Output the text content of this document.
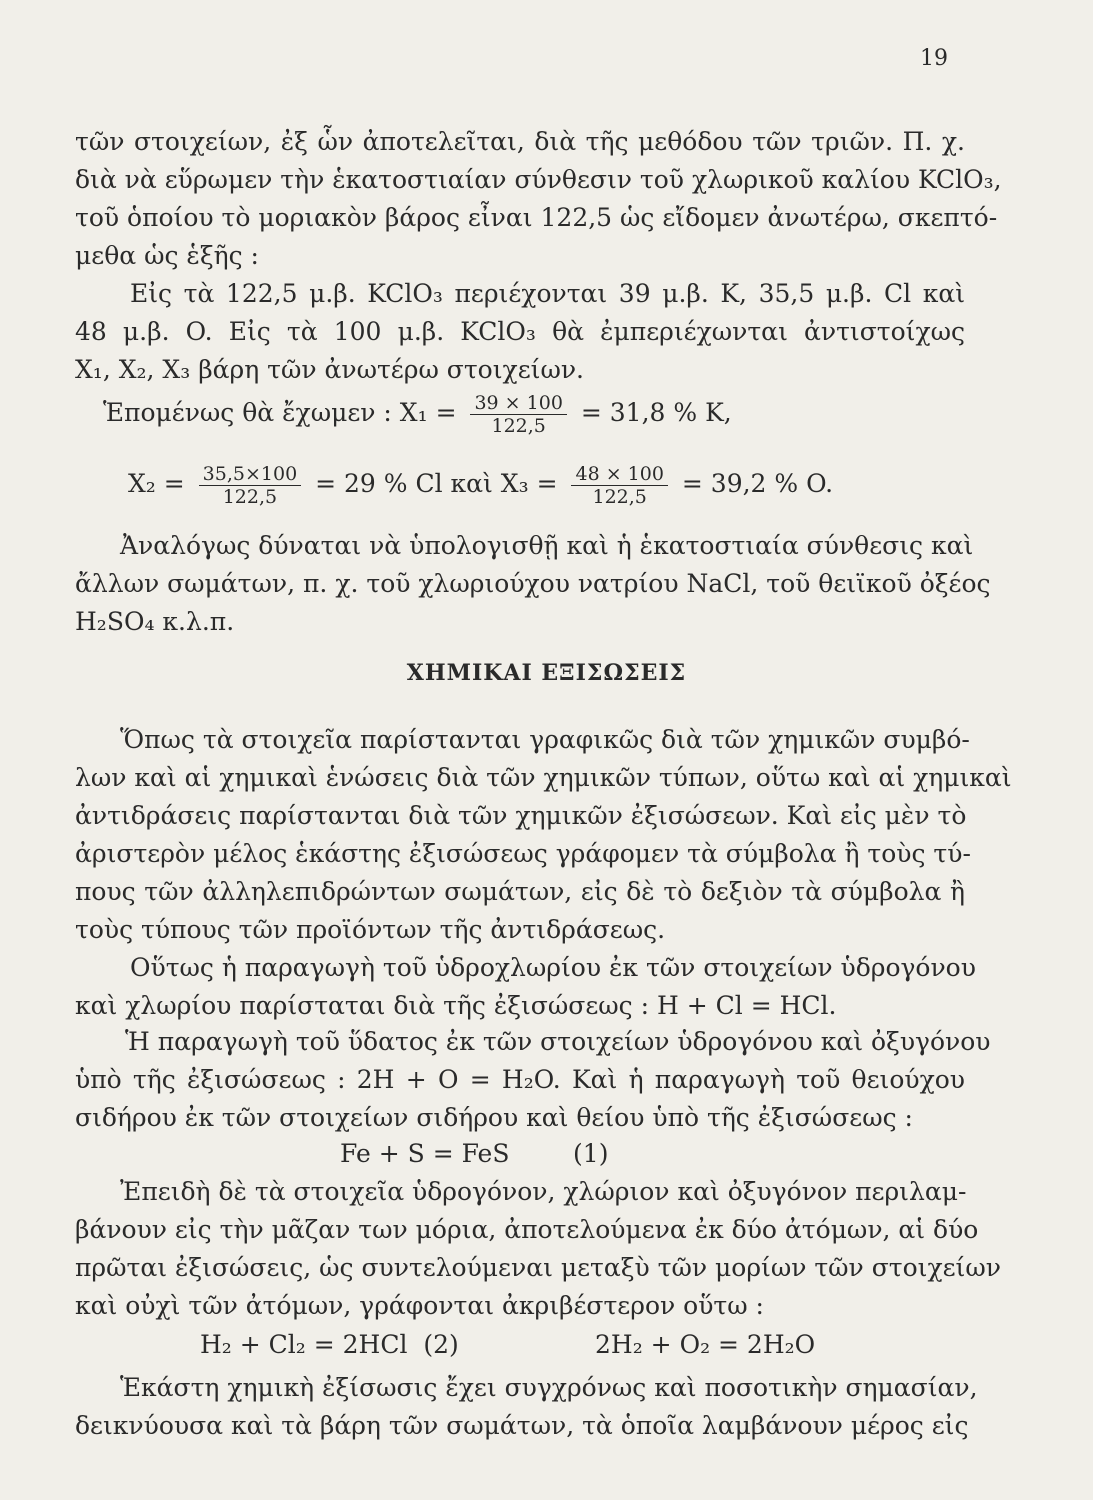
19
τῶν στοιχείων, ἐξ ὧν ἀποτελεῖται, διὰ τῆς μεθόδου τῶν τριῶν. Π. χ.
διὰ νὰ εὕρωμεν τὴν ἑκατοστιαίαν σύνθεσιν τοῦ χλωρικοῦ καλίου KClO₃,
τοῦ ὁποίου τὸ μοριακὸν βάρος εἶναι 122,5 ὡς εἴδομεν ἀνωτέρω, σκεπτό-
μεθα ὡς ἑξῆς :
Εἰς τὰ 122,5 μ.β. KClO₃ περιέχονται 39 μ.β. K, 35,5 μ.β. Cl καὶ
48 μ.β. O. Εἰς τὰ 100 μ.β. KClO₃ θὰ ἐμπεριέχωνται ἀντιστοίχως
X₁, X₂, X₃ βάρη τῶν ἀνωτέρω στοιχείων.
Ἑπομένως θὰ ἔχωμεν : $X_1 = \frac{39 \times 100}{122,5} = 31,8$ % K,
$X_2 = \frac{35,5\times 100}{122,5} = 29$ % Cl καὶ $X_3 = \frac{48 \times 100}{122,5} = 39,2$ % O.
Ἀναλόγως δύναται νὰ ὑπολογισθῇ καὶ ἡ ἑκατοστιαία σύνθεσις καὶ
ἄλλων σωμάτων, π. χ. τοῦ χλωριούχου νατρίου NaCl, τοῦ θειϊκοῦ ὀξέος
H₂SO₄ κ.λ.π.
ΧΗΜΙΚΑΙ ΕΞΙΣΩΣΕΙΣ
Ὅπως τὰ στοιχεῖα παρίστανται γραφικῶς διὰ τῶν χημικῶν συμβό-
λων καὶ αἱ χημικαὶ ἑνώσεις διὰ τῶν χημικῶν τύπων, οὕτω καὶ αἱ χημικαὶ
ἀντιδράσεις παρίστανται διὰ τῶν χημικῶν ἐξισώσεων. Καὶ εἰς μὲν τὸ
ἀριστερὸν μέλος ἑκάστης ἐξισώσεως γράφομεν τὰ σύμβολα ἢ τοὺς τύ-
πους τῶν ἀλληλεπιδρώντων σωμάτων, εἰς δὲ τὸ δεξιὸν τὰ σύμβολα ἢ
τοὺς τύπους τῶν προϊόντων τῆς ἀντιδράσεως.
Οὕτως ἡ παραγωγὴ τοῦ ὑδροχλωρίου ἐκ τῶν στοιχείων ὑδρογόνου
καὶ χλωρίου παρίσταται διὰ τῆς ἐξισώσεως : H + Cl = HCl.
Ἡ παραγωγὴ τοῦ ὕδατος ἐκ τῶν στοιχείων ὑδρογόνου καὶ ὀξυγόνου
ὑπὸ τῆς ἐξισώσεως : 2H + O = H₂O. Καὶ ἡ παραγωγὴ τοῦ θειούχου
σιδήρου ἐκ τῶν στοιχείων σιδήρου καὶ θείου ὑπὸ τῆς ἐξισώσεως :
Fe + S = FeS        (1)
Ἐπειδὴ δὲ τὰ στοιχεῖα ὑδρογόνον, χλώριον καὶ ὀξυγόνον περιλαμ-
βάνουν εἰς τὴν μᾶζαν των μόρια, ἀποτελούμενα ἐκ δύο ἀτόμων, αἱ δύο
πρῶται ἐξισώσεις, ὡς συντελούμεναι μεταξὺ τῶν μορίων τῶν στοιχείων
καὶ οὐχὶ τῶν ἀτόμων, γράφονται ἀκριβέστερον οὕτω :
H₂ + Cl₂ = 2HCl  (2)	2H₂ + O₂ = 2H₂O
Ἑκάστη χημικὴ ἐξίσωσις ἔχει συγχρόνως καὶ ποσοτικὴν σημασίαν,
δεικνύουσα καὶ τὰ βάρη τῶν σωμάτων, τὰ ὁποῖα λαμβάνουν μέρος εἰς
